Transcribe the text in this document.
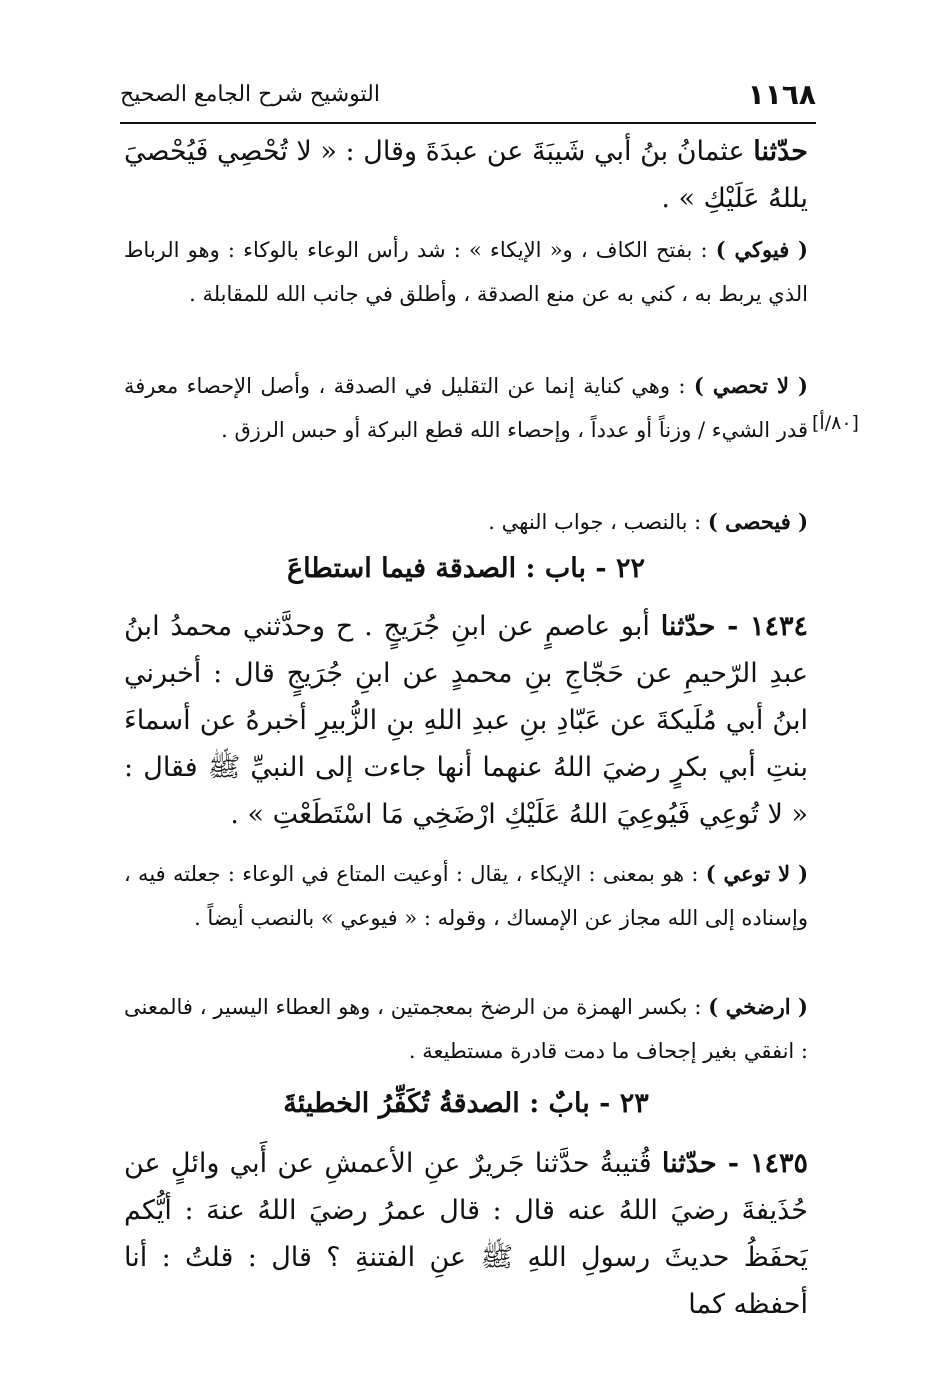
١١٦٨
التوشيح شرح الجامع الصحيح
حدّثنا عثمانُ بنُ أبي شَيبَةَ عن عبدَةَ وقال : « لا تُحْصِي فَيُحْصيَ يللهُ عَلَيْكِ » .
( فيوكي ) : بفتح الكاف ، و« الإيكاء » : شد رأس الوعاء بالوكاء : وهو الرباط الذي يربط به ، كني به عن منع الصدقة ، وأطلق في جانب الله للمقابلة .
( لا تحصي ) : وهي كناية إنما عن التقليل في الصدقة ، وأصل الإحصاء معرفة قدر الشيء / وزناً أو عدداً ، وإحصاء الله قطع البركة أو حبس الرزق . [٨٠/أ]
( فيحصى ) : بالنصب ، جواب النهي .
٢٢ - باب : الصدقة فيما استطاعَ
١٤٣٤ - حدّثنا أبو عاصمٍ عن ابنِ جُرَيجٍ . ح وحدَّثني محمدُ ابنُ عبدِ الرّحيمِ عن حَجّاجِ بنِ محمدٍ عن ابنِ جُرَيجٍ قال : أخبرني ابنُ أبي مُلَيكةَ عن عَبّادِ بنِ عبدِ اللهِ بنِ الزُّبيرِ أخبرهُ عن أسماءَ بنتِ أبي بكرٍ رضيَ اللهُ عنهما أنها جاءت إلى النبيِّ ﷺ فقال : « لا تُوعِي فَيُوعِيَ اللهُ عَلَيْكِ ارْضَخِي مَا اسْتَطَعْتِ » .
( لا توعي ) : هو بمعنى : الإيكاء ، يقال : أوعيت المتاع في الوعاء : جعلته فيه ، وإسناده إلى الله مجاز عن الإمساك ، وقوله : « فيوعي » بالنصب أيضاً .
( ارضخي ) : بكسر الهمزة من الرضخ بمعجمتين ، وهو العطاء اليسير ، فالمعنى : انفقي بغير إجحاف ما دمت قادرة مستطيعة .
٢٣ - بابٌ : الصدقةُ تُكَفِّرُ الخطيئةَ
١٤٣٥ - حدّثنا قُتيبةُ حدَّثنا جَريرٌ عنِ الأعمشِ عن أَبي وائلٍ عن حُذَيفةَ رضيَ اللهُ عنه قال : قال عمرُ رضيَ اللهُ عنهَ : أيُّكم يَحفَظُ حديثَ رسولِ اللهِ ﷺ عنِ الفتنةِ ؟ قال : قلتُ : أنا أحفظه كما
